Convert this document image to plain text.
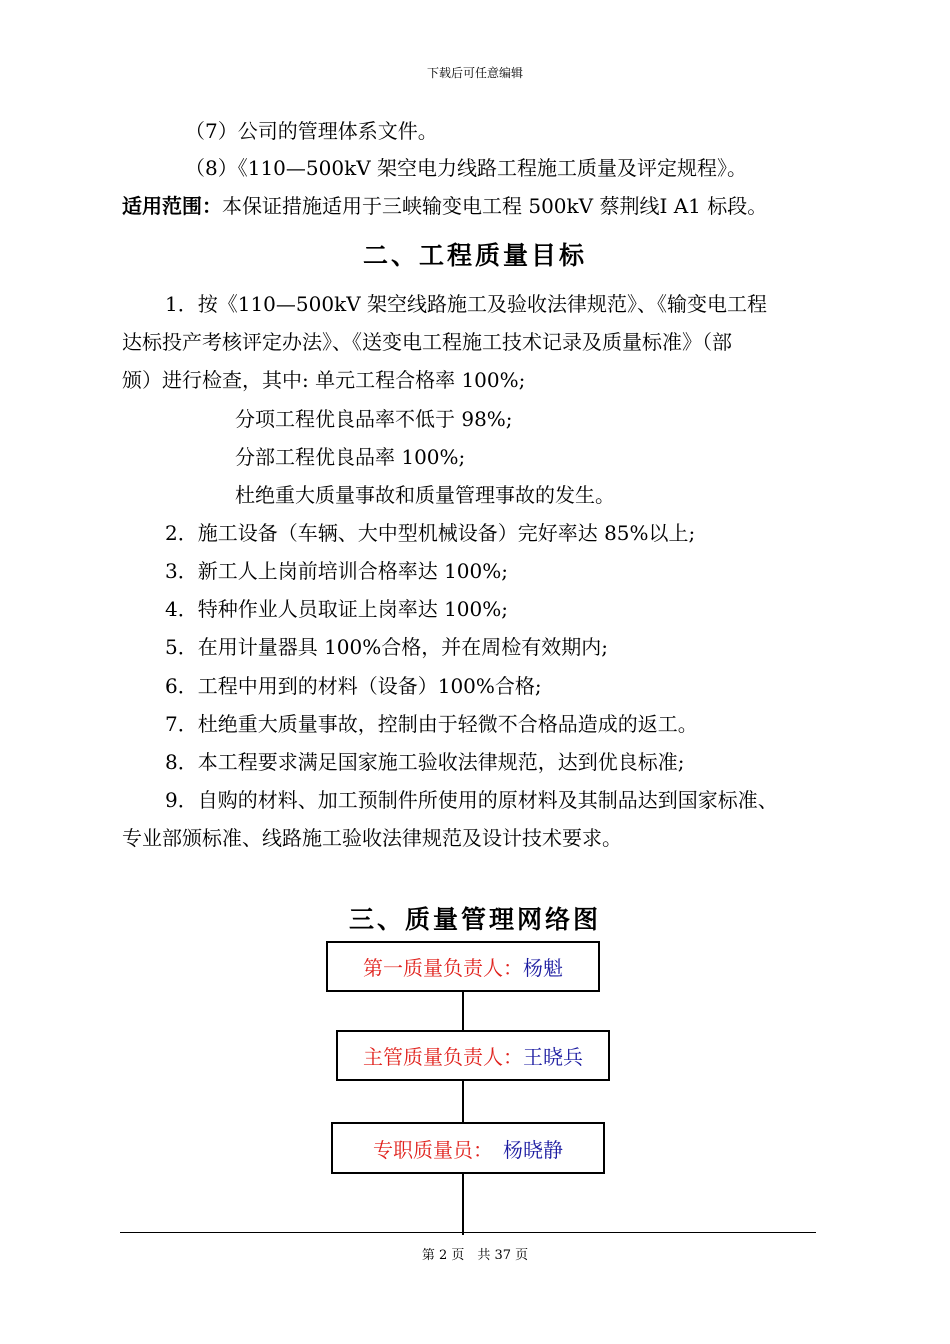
下载后可任意编辑
（7）公司的管理体系文件。
（8）《110—500kV 架空电力线路工程施工质量及评定规程》。
适用范围：本保证措施适用于三峡输变电工程 500kV 蔡荆线Ⅰ A1 标段。
二、工程质量目标
1．按《110—500kV 架空线路施工及验收法律规范》、《输变电工程
达标投产考核评定办法》、《送变电工程施工技术记录及质量标准》（部
颁）进行检查，其中: 单元工程合格率 100%;
分项工程优良品率不低于 98%;
分部工程优良品率 100%;
杜绝重大质量事故和质量管理事故的发生。
2．施工设备（车辆、大中型机械设备）完好率达 85%以上;
3．新工人上岗前培训合格率达 100%;
4．特种作业人员取证上岗率达 100%;
5．在用计量器具 100%合格，并在周检有效期内;
6．工程中用到的材料（设备）100%合格;
7．杜绝重大质量事故，控制由于轻微不合格品造成的返工。
8．本工程要求满足国家施工验收法律规范，达到优良标准;
9．自购的材料、加工预制件所使用的原材料及其制品达到国家标准、
专业部颁标准、线路施工验收法律规范及设计技术要求。
三、质量管理网络图
第一质量负责人： 杨魁
主管质量负责人： 王晓兵
专职质量员： 杨晓静
第 2 页　共 37 页
